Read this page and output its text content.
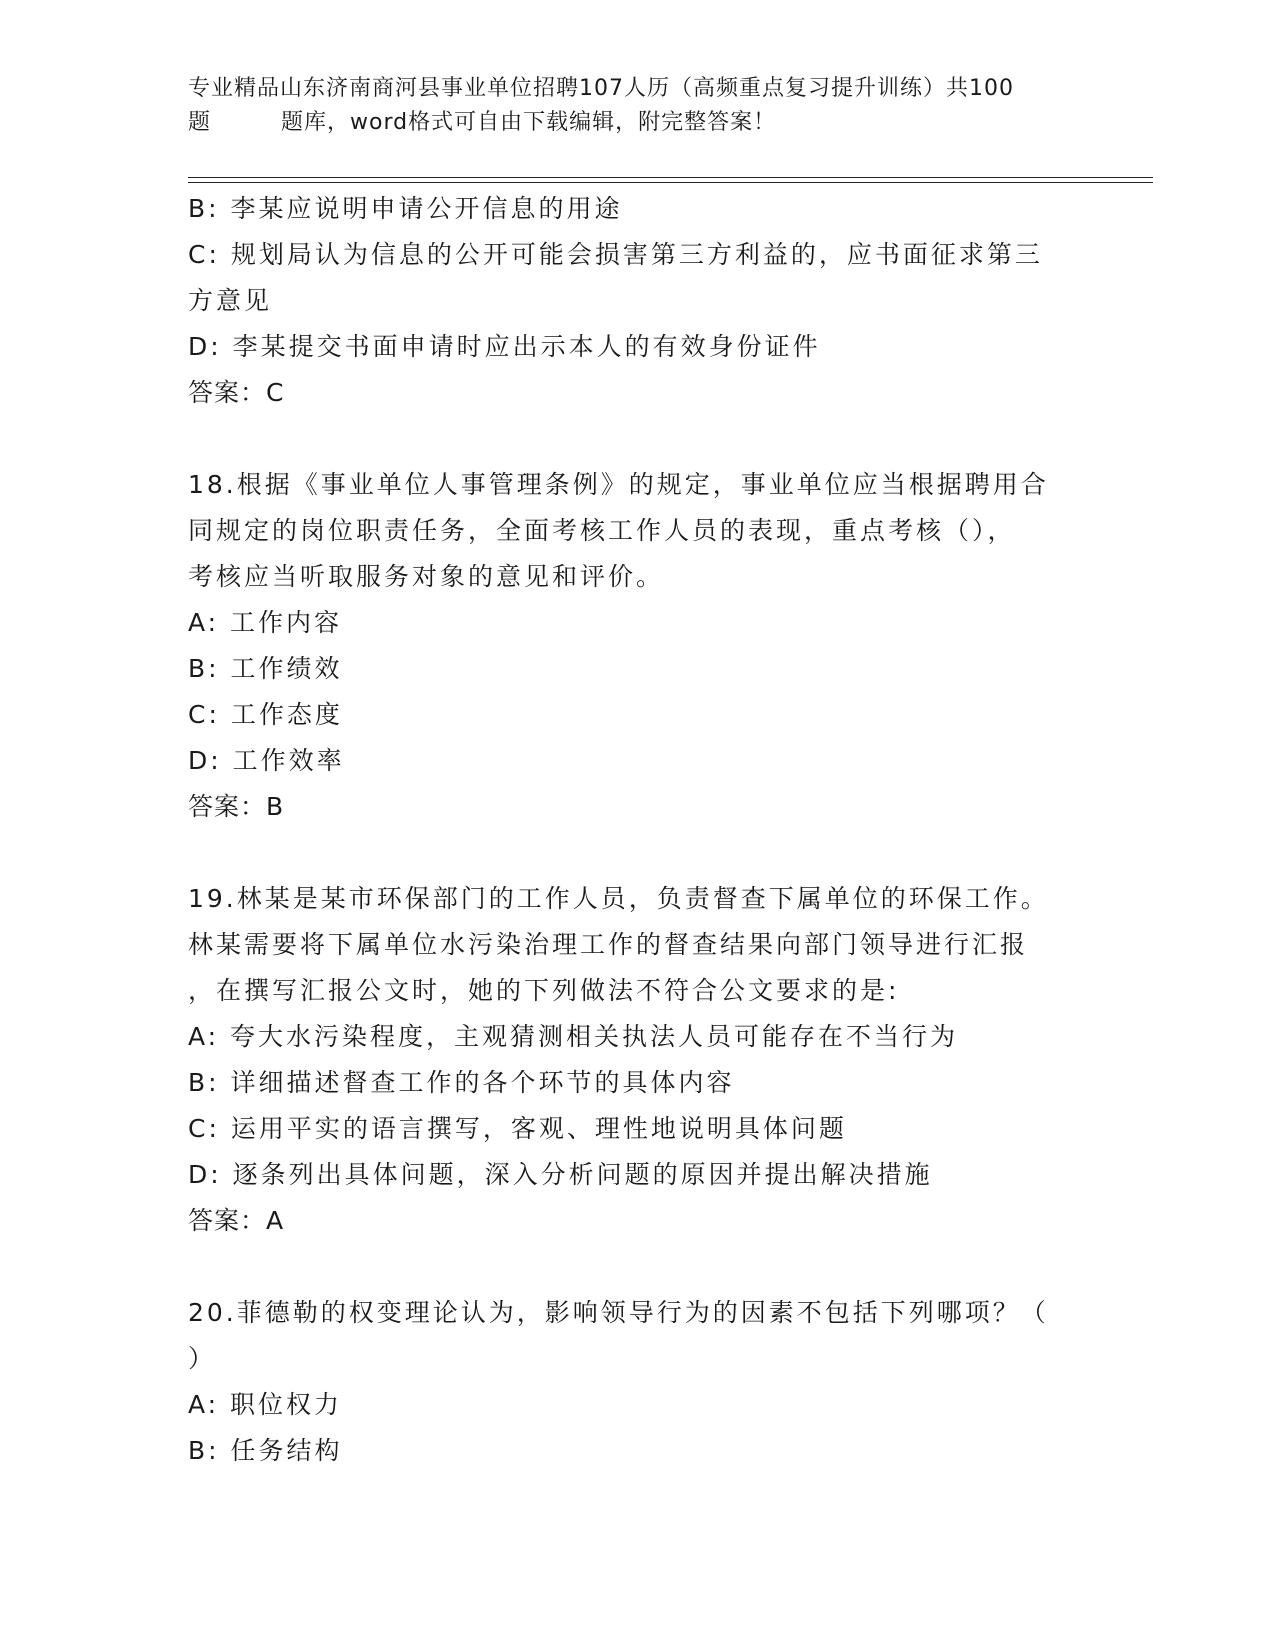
专业精品山东济南商河县事业单位招聘107人历（高频重点复习提升训练）共100
题	题库，word格式可自由下载编辑，附完整答案！
B: 李某应说明申请公开信息的用途
C: 规划局认为信息的公开可能会损害第三方利益的，应书面征求第三
方意见
D: 李某提交书面申请时应出示本人的有效身份证件
答案：C
18.根据《事业单位人事管理条例》的规定，事业单位应当根据聘用合
同规定的岗位职责任务，全面考核工作人员的表现，重点考核（），
考核应当听取服务对象的意见和评价。
A: 工作内容
B: 工作绩效
C: 工作态度
D: 工作效率
答案：B
19.林某是某市环保部门的工作人员，负责督查下属单位的环保工作。
林某需要将下属单位水污染治理工作的督查结果向部门领导进行汇报
，在撰写汇报公文时，她的下列做法不符合公文要求的是:
A: 夸大水污染程度，主观猜测相关执法人员可能存在不当行为
B: 详细描述督查工作的各个环节的具体内容
C: 运用平实的语言撰写，客观、理性地说明具体问题
D: 逐条列出具体问题，深入分析问题的原因并提出解决措施
答案：A
20.菲德勒的权变理论认为，影响领导行为的因素不包括下列哪项？（
）
A: 职位权力
B: 任务结构
